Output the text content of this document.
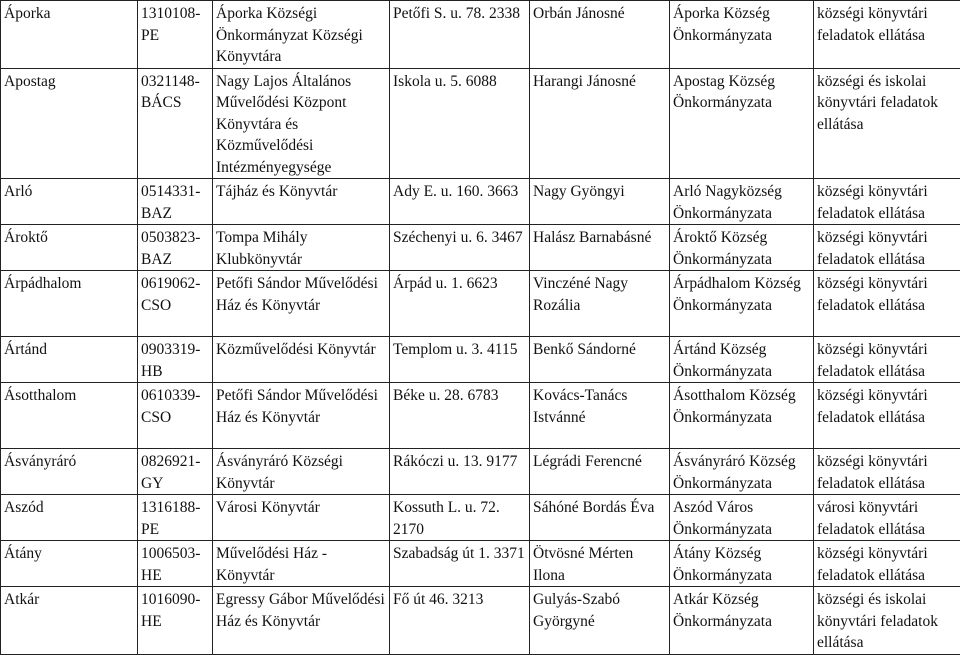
Áporka	1310108-PE	Áporka Községi Önkormányzat Községi Könyvtára	Petőfi S. u. 78. 2338	Orbán Jánosné	Áporka Község Önkormányzata	községi könyvtári feladatok ellátása
Apostag	0321148-BÁCS	Nagy Lajos Általános Művelődési Központ Könyvtára és Közművelődési Intézményegysége	Iskola u. 5. 6088	Harangi Jánosné	Apostag Község Önkormányzata	községi és iskolai könyvtári feladatok ellátása
Arló	0514331-BAZ	Tájház és Könyvtár	Ady E. u. 160. 3663	Nagy Gyöngyi	Arló Nagyközség Önkormányzata	községi könyvtári feladatok ellátása
Ároktő	0503823-BAZ	Tompa Mihály Klubkönyvtár	Széchenyi u. 6. 3467	Halász Barnabásné	Ároktő Község Önkormányzata	községi könyvtári feladatok ellátása
Árpádhalom	0619062-CSO	Petőfi Sándor Művelődési Ház és Könyvtár	Árpád u. 1. 6623	Vinczéné Nagy Rozália	Árpádhalom Község Önkormányzata	községi könyvtári feladatok ellátása
Ártánd	0903319-HB	Közművelődési Könyvtár	Templom u. 3. 4115	Benkő Sándorné	Ártánd Község Önkormányzata	községi könyvtári feladatok ellátása
Ásotthalom	0610339-CSO	Petőfi Sándor Művelődési Ház és Könyvtár	Béke u. 28. 6783	Kovács-Tanács Istvánné	Ásotthalom Község Önkormányzata	községi könyvtári feladatok ellátása
Ásványráró	0826921-GY	Ásványráró Községi Könyvtár	Rákóczi u. 13. 9177	Légrádi Ferencné	Ásványráró Község Önkormányzata	községi könyvtári feladatok ellátása
Aszód	1316188-PE	Városi Könyvtár	Kossuth L. u. 72. 2170	Sáhóné Bordás Éva	Aszód Város Önkormányzata	városi könyvtári feladatok ellátása
Átány	1006503-HE	Művelődési Ház - Könyvtár	Szabadság út 1. 3371	Ötvösné Mérten Ilona	Átány Község Önkormányzata	községi könyvtári feladatok ellátása
Atkár	1016090-HE	Egressy Gábor Művelődési Ház és Könyvtár	Fő út 46. 3213	Gulyás-Szabó Györgyné	Atkár Község Önkormányzata	községi és iskolai könyvtári feladatok ellátása
